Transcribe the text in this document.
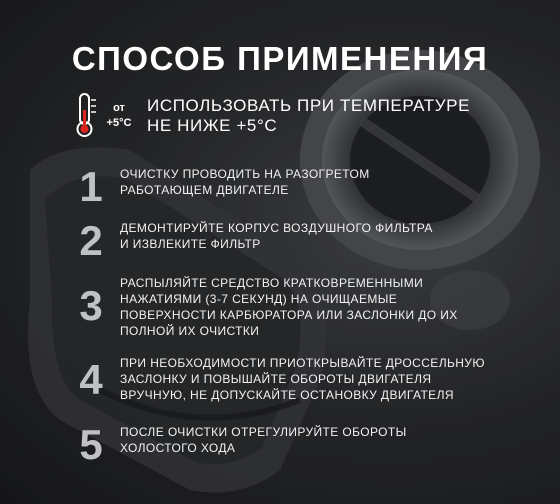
СПОСОБ ПРИМЕНЕНИЯ
от
+5°C
ИСПОЛЬЗОВАТЬ ПРИ ТЕМПЕРАТУРЕ
НЕ НИЖЕ +5°C
1	ОЧИСТКУ ПРОВОДИТЬ НА РАЗОГРЕТОМ
РАБОТАЮЩЕМ ДВИГАТЕЛЕ
2	ДЕМОНТИРУЙТЕ КОРПУС ВОЗДУШНОГО ФИЛЬТРА
И ИЗВЛЕКИТЕ ФИЛЬТР
3	РАСПЫЛЯЙТЕ СРЕДСТВО КРАТКОВРЕМЕННЫМИ
НАЖАТИЯМИ (3-7 СЕКУНД) НА ОЧИЩАЕМЫЕ
ПОВЕРХНОСТИ КАРБЮРАТОРА ИЛИ ЗАСЛОНКИ ДО ИХ
ПОЛНОЙ ИХ ОЧИСТКИ
4	ПРИ НЕОБХОДИМОСТИ ПРИОТКРЫВАЙТЕ ДРОССЕЛЬНУЮ
ЗАСЛОНКУ И ПОВЫШАЙТЕ ОБОРОТЫ ДВИГАТЕЛЯ
ВРУЧНУЮ, НЕ ДОПУСКАЙТЕ ОСТАНОВКУ ДВИГАТЕЛЯ
5	ПОСЛЕ ОЧИСТКИ ОТРЕГУЛИРУЙТЕ ОБОРОТЫ
ХОЛОСТОГО ХОДА
